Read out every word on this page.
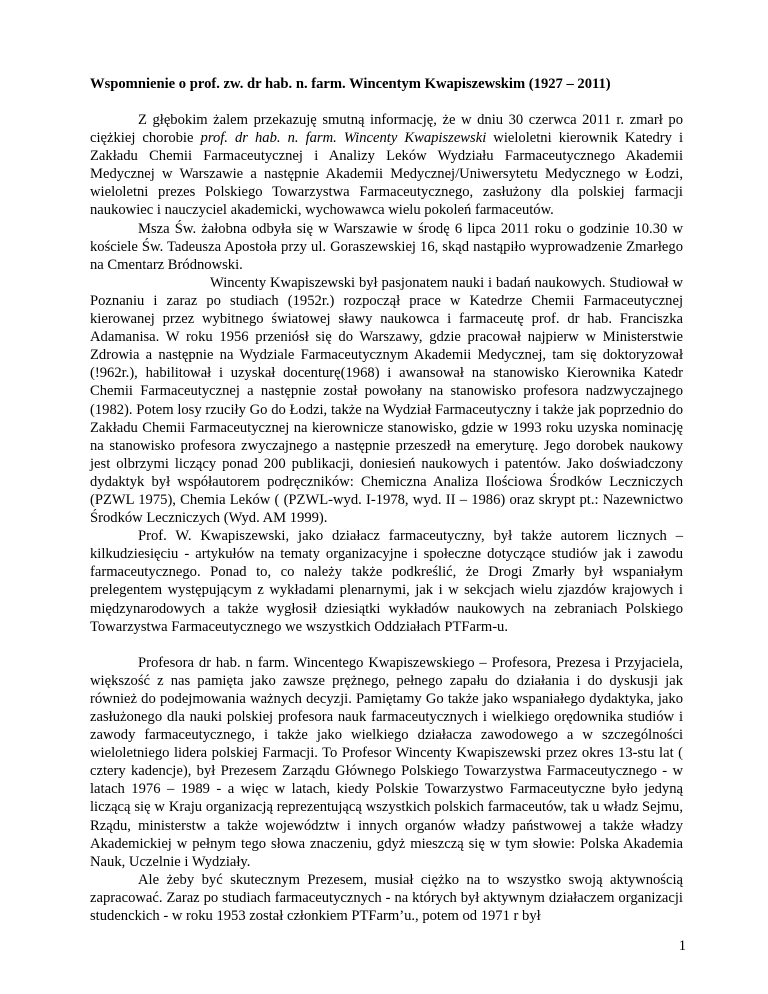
Wspomnienie o prof. zw. dr hab. n. farm. Wincentym Kwapiszewskim (1927 – 2011)

Z głębokim żalem przekazuję smutną informację, że w dniu 30 czerwca 2011 r. zmarł po ciężkiej chorobie prof. dr hab. n. farm. Wincenty Kwapiszewski wieloletni kierownik Katedry i Zakładu Chemii Farmaceutycznej i Analizy Leków Wydziału Farmaceutycznego Akademii Medycznej w Warszawie a następnie Akademii Medycznej/Uniwersytetu Medycznego w Łodzi, wieloletni prezes Polskiego Towarzystwa Farmaceutycznego, zasłużony dla polskiej farmacji naukowiec i nauczyciel akademicki, wychowawca wielu pokoleń farmaceutów.

Msza Św. żałobna odbyła się w Warszawie w środę 6 lipca 2011 roku o godzinie 10.30 w kościele Św. Tadeusza Apostoła przy ul. Goraszewskiej 16, skąd nastąpiło wyprowadzenie Zmarłego na Cmentarz Bródnowski.

Wincenty Kwapiszewski był pasjonatem nauki i badań naukowych. Studiował w Poznaniu i zaraz po studiach (1952r.) rozpoczął prace w Katedrze Chemii Farmaceutycznej kierowanej przez wybitnego światowej sławy naukowca i farmaceutę prof. dr hab. Franciszka Adamanisa. W roku 1956 przeniósł się do Warszawy, gdzie pracował najpierw w Ministerstwie Zdrowia a następnie na Wydziale Farmaceutycznym Akademii Medycznej, tam się doktoryzował (!962r.), habilitował i uzyskał docenturę(1968) i awansował na stanowisko Kierownika Katedr Chemii Farmaceutycznej a następnie został powołany na stanowisko profesora nadzwyczajnego (1982). Potem losy rzuciły Go do Łodzi, także na Wydział Farmaceutyczny i także jak poprzednio do Zakładu Chemii Farmaceutycznej na kierownicze stanowisko, gdzie w 1993 roku uzyska nominację na stanowisko profesora zwyczajnego a następnie przeszedł na emeryturę. Jego dorobek naukowy jest olbrzymi liczący ponad 200 publikacji, doniesień naukowych i patentów. Jako doświadczony dydaktyk był współautorem podręczników: Chemiczna Analiza Ilościowa Środków Leczniczych (PZWL 1975), Chemia Leków ( (PZWL-wyd. I-1978, wyd. II – 1986) oraz skrypt pt.: Nazewnictwo Środków Leczniczych (Wyd. AM 1999).

Prof. W. Kwapiszewski, jako działacz farmaceutyczny, był także autorem licznych – kilkudziesięciu - artykułów na tematy organizacyjne i społeczne dotyczące studiów jak i zawodu farmaceutycznego. Ponad to, co należy także podkreślić, że Drogi Zmarły był wspaniałym prelegentem występującym z wykładami plenarnymi, jak i w sekcjach wielu zjazdów krajowych i międzynarodowych a także wygłosił dziesiątki wykładów naukowych na zebraniach Polskiego Towarzystwa Farmaceutycznego we wszystkich Oddziałach PTFarm-u.

Profesora dr hab. n farm. Wincentego Kwapiszewskiego – Profesora, Prezesa i Przyjaciela, większość z nas pamięta jako zawsze prężnego, pełnego zapału do działania i do dyskusji jak również do podejmowania ważnych decyzji. Pamiętamy Go także jako wspaniałego dydaktyka, jako zasłużonego dla nauki polskiej profesora nauk farmaceutycznych i wielkiego orędownika studiów i zawody farmaceutycznego, i także jako wielkiego działacza zawodowego a w szczególności wieloletniego lidera polskiej Farmacji. To Profesor Wincenty Kwapiszewski przez okres 13-stu lat ( cztery kadencje), był Prezesem Zarządu Głównego Polskiego Towarzystwa Farmaceutycznego - w latach 1976 – 1989 - a więc w latach, kiedy Polskie Towarzystwo Farmaceutyczne było jedyną liczącą się w Kraju organizacją reprezentującą wszystkich polskich farmaceutów, tak u władz Sejmu, Rządu, ministerstw a także województw i innych organów władzy państwowej a także władzy Akademickiej w pełnym tego słowa znaczeniu, gdyż mieszczą się w tym słowie: Polska Akademia Nauk, Uczelnie i Wydziały.

Ale żeby być skutecznym Prezesem, musiał ciężko na to wszystko swoją aktywnością zapracować. Zaraz po studiach farmaceutycznych - na których był aktywnym działaczem organizacji studenckich - w roku 1953 został członkiem PTFarm’u., potem od 1971 r był

1
